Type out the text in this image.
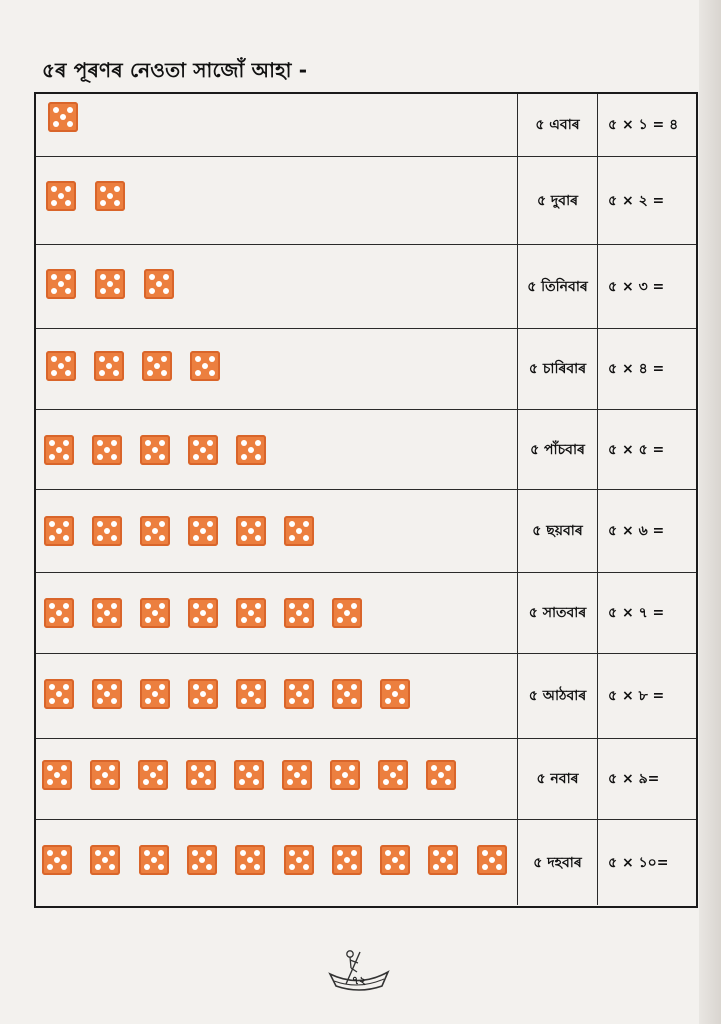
৫ৰ পূৰণৰ নেওতা সাজোঁ আহা -
৫ এবাৰ	৫ × ১ = ৪
৫ দুবাৰ	৫ × ২ =
৫ তিনিবাৰ	৫ × ৩ =
৫ চাৰিবাৰ	৫ × ৪ =
৫ পাঁচবাৰ	৫ × ৫ =
৫ ছয়বাৰ	৫ × ৬ =
৫ সাতবাৰ	৫ × ৭ =
৫ আঠবাৰ	৫ × ৮ =
৫ নবাৰ	৫ × ৯=
৫ দহবাৰ	৫ × ১০=
৭২
